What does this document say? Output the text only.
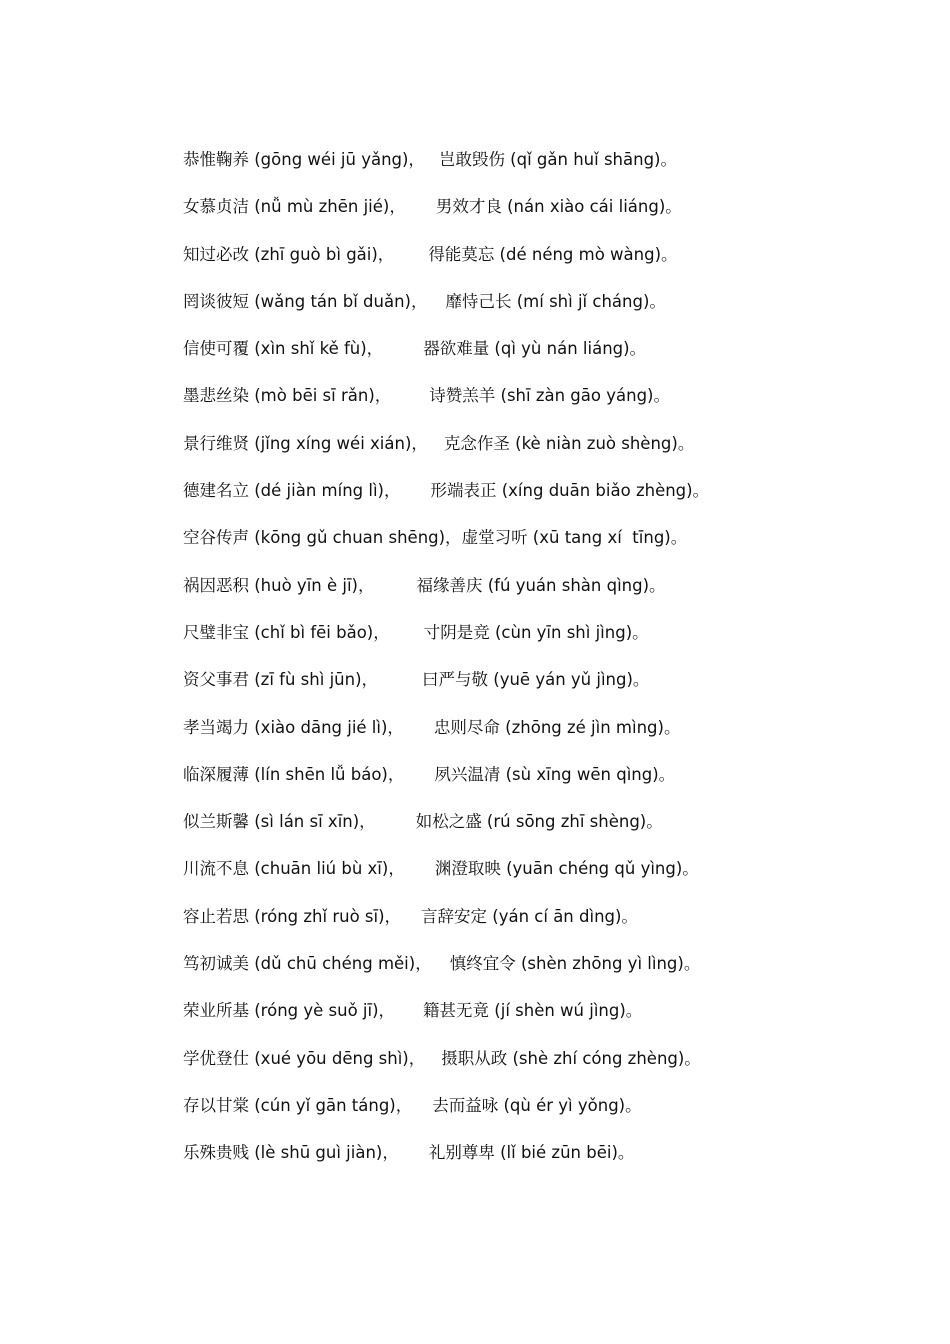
恭惟鞠养 (gōng wéi jū yǎng)， 岂敢毁伤 (qǐ gǎn huǐ shāng)。
女慕贞洁 (nǚ mù zhēn jié)， 男效才良 (nán xiào cái liáng)。
知过必改 (zhī guò bì gǎi)， 得能莫忘 (dé néng mò wàng)。
罔谈彼短 (wǎng tán bǐ duǎn)， 靡恃己长 (mí shì jǐ cháng)。
信使可覆 (xìn shǐ kě fù)， 器欲难量 (qì yù nán liáng)。
墨悲丝染 (mò bēi sī rǎn)， 诗赞羔羊 (shī zàn gāo yáng)。
景行维贤 (jǐng xíng wéi xián)， 克念作圣 (kè niàn zuò shèng)。
德建名立 (dé jiàn míng lì)， 形端表正 (xíng duān biǎo zhèng)。
空谷传声 (kōng gǔ chuan shēng)， 虚堂习听 (xū tang xí  tīng)。
祸因恶积 (huò yīn è jī)，	福缘善庆 (fú yuán shàn qìng)。
尺璧非宝 (chǐ bì fēi bǎo)， 寸阴是竞 (cùn yīn shì jìng)。
资父事君 (zī fù shì jūn)，	曰严与敬 (yuē yán yǔ jìng)。
孝当竭力 (xiào dāng jié lì)， 忠则尽命 (zhōng zé jìn mìng)。
临深履薄 (lín shēn lǚ báo)， 夙兴温凊 (sù xīng wēn qìng)。
似兰斯馨 (sì lán sī xīn)， 如松之盛 (rú sōng zhī shèng)。
川流不息 (chuān liú bù xī)， 渊澄取映 (yuān chéng qǔ yìng)。
容止若思 (róng zhǐ ruò sī)， 言辞安定 (yán cí ān dìng)。
笃初诚美 (dǔ chū chéng měi)， 慎终宜令 (shèn zhōng yì lìng)。
荣业所基 (róng yè suǒ jī)， 籍甚无竟 (jí shèn wú jìng)。
学优登仕 (xué yōu dēng shì)， 摄职从政 (shè zhí cóng zhèng)。
存以甘棠 (cún yǐ gān táng)， 去而益咏 (qù ér yì yǒng)。
乐殊贵贱 (lè shū guì jiàn)， 礼别尊卑 (lǐ bié zūn bēi)。
